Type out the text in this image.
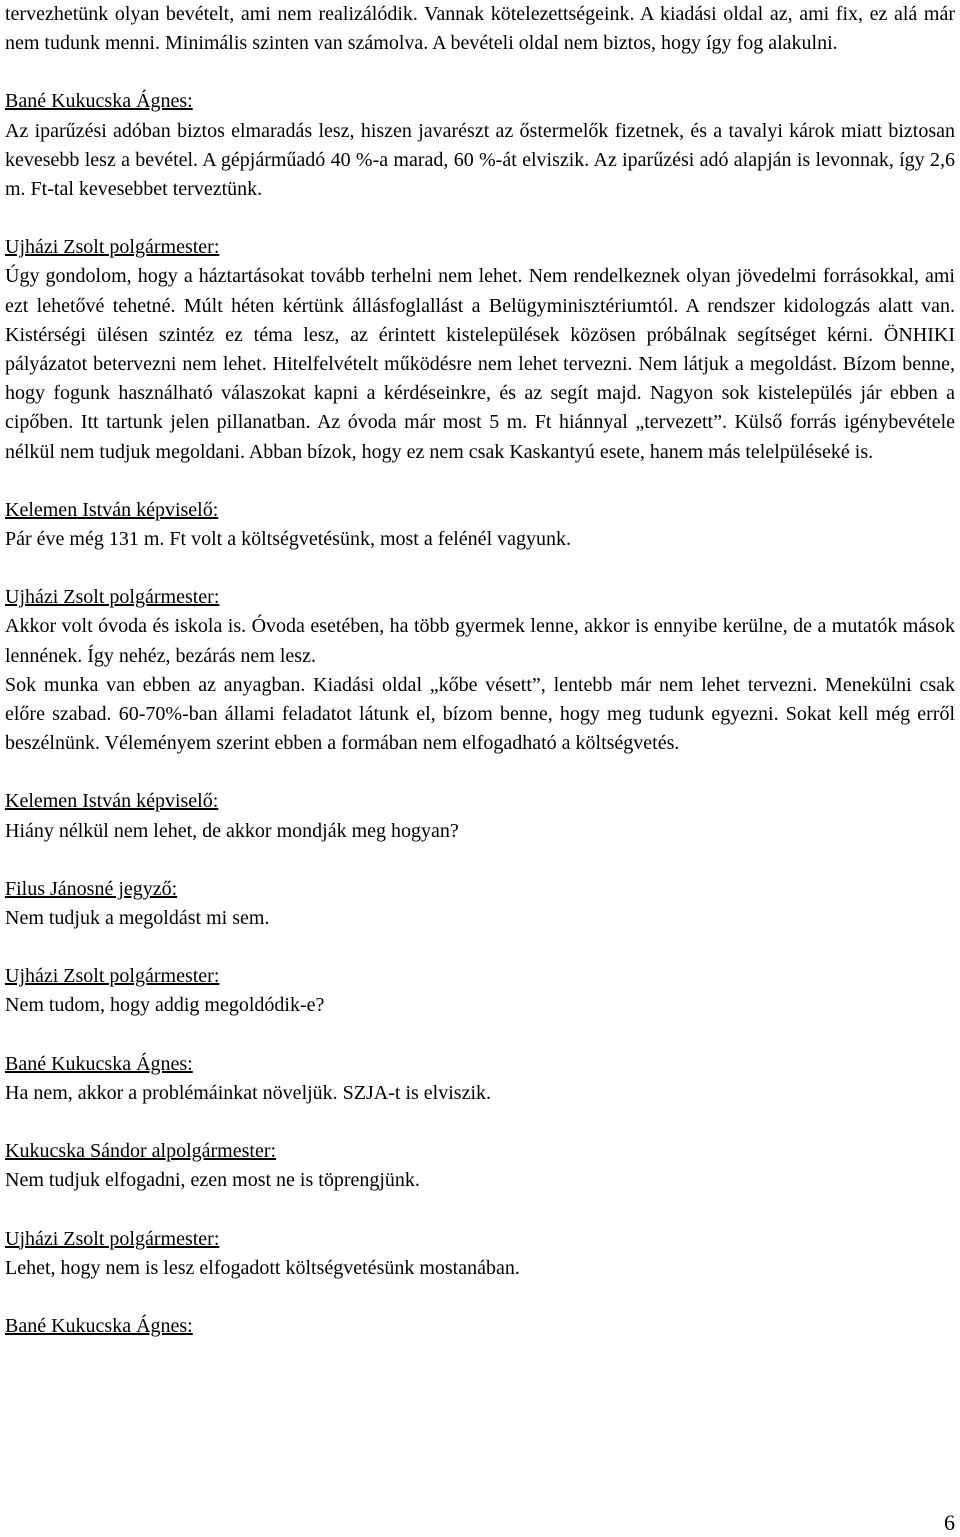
tervezhetünk olyan bevételt, ami nem realizálódik. Vannak kötelezettségeink. A kiadási oldal az, ami fix, ez alá már nem tudunk menni. Minimális szinten van számolva. A bevételi oldal nem biztos, hogy így fog alakulni.

Bané Kukucska Ágnes:
Az iparűzési adóban biztos elmaradás lesz, hiszen javarészt az őstermelők fizetnek, és a tavalyi károk miatt biztosan kevesebb lesz a bevétel. A gépjárműadó 40 %-a marad, 60 %-át elviszik. Az iparűzési adó alapján is levonnak, így 2,6 m. Ft-tal kevesebbet terveztünk.

Ujházi Zsolt polgármester:
Úgy gondolom, hogy a háztartásokat tovább terhelni nem lehet. Nem rendelkeznek olyan jövedelmi forrásokkal, ami ezt lehetővé tehetné. Múlt héten kértünk állásfoglallást a Belügyminisztériumtól. A rendszer kidologzás alatt van. Kistérségi ülésen szintéz ez téma lesz, az érintett kistelepülések közösen próbálnak segítséget kérni. ÖNHIKI pályázatot betervezni nem lehet. Hitelfelvételt működésre nem lehet tervezni. Nem látjuk a megoldást. Bízom benne, hogy fogunk használható válaszokat kapni a kérdéseinkre, és az segít majd. Nagyon sok kistelepülés jár ebben a cipőben. Itt tartunk jelen pillanatban. Az óvoda már most 5 m. Ft hiánnyal „tervezett”. Külső forrás igénybevétele nélkül nem tudjuk megoldani. Abban bízok, hogy ez nem csak Kaskantyú esete, hanem más telelpüléseké is.

Kelemen István képviselő:
Pár éve még 131 m. Ft volt a költségvetésünk, most a felénél vagyunk.

Ujházi Zsolt polgármester:
Akkor volt óvoda és iskola is. Óvoda esetében, ha több gyermek lenne, akkor is ennyibe kerülne, de a mutatók mások lennének. Így nehéz, bezárás nem lesz.
Sok munka van ebben az anyagban. Kiadási oldal „kőbe vésett”, lentebb már nem lehet tervezni. Menekülni csak előre szabad. 60-70%-ban állami feladatot látunk el, bízom benne, hogy meg tudunk egyezni. Sokat kell még erről beszélnünk. Véleményem szerint ebben a formában nem elfogadható a költségvetés.

Kelemen István képviselő:
Hiány nélkül nem lehet, de akkor mondják meg hogyan?

Filus Jánosné jegyző:
Nem tudjuk a megoldást mi sem.

Ujházi Zsolt polgármester:
Nem tudom, hogy addig megoldódik-e?

Bané Kukucska Ágnes:
Ha nem, akkor a problémáinkat növeljük. SZJA-t is elviszik.

Kukucska Sándor alpolgármester:
Nem tudjuk elfogadni, ezen most ne is töprengjünk.

Ujházi Zsolt polgármester:
Lehet, hogy nem is lesz elfogadott költségvetésünk mostanában.

Bané Kukucska Ágnes:

6
